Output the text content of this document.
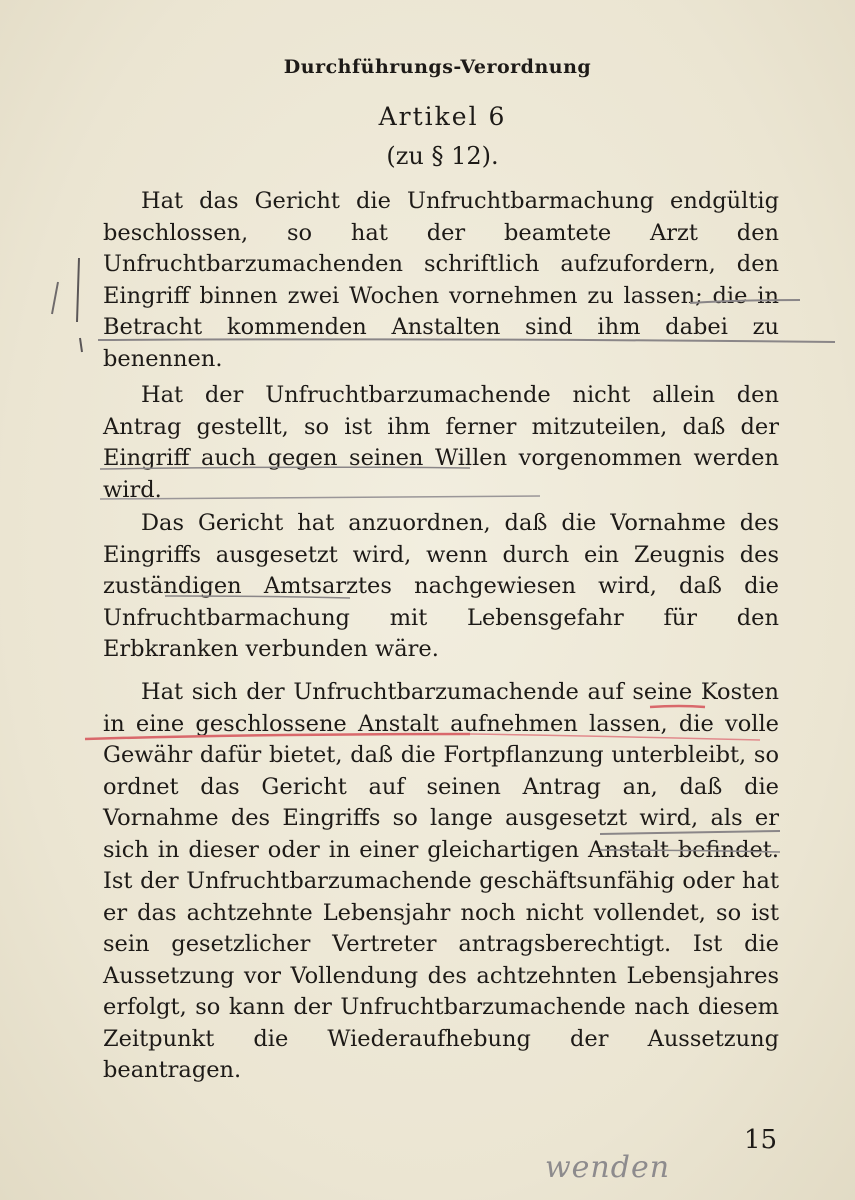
Durchführungs-Verordnung
Artikel 6
(zu § 12).

Hat das Gericht die Unfruchtbarmachung endgültig beschlossen, so hat der beamtete Arzt den Unfruchtbarzumachenden schriftlich aufzufordern, den Eingriff binnen zwei Wochen vornehmen zu lassen; die in Betracht kommenden Anstalten sind ihm dabei zu benennen.

Hat der Unfruchtbarzumachende nicht allein den Antrag gestellt, so ist ihm ferner mitzuteilen, daß der Eingriff auch gegen seinen Willen vorgenommen werden wird.

Das Gericht hat anzuordnen, daß die Vornahme des Eingriffs ausgesetzt wird, wenn durch ein Zeugnis des zuständigen Amtsarztes nachgewiesen wird, daß die Unfruchtbarmachung mit Lebensgefahr für den Erbkranken verbunden wäre.

Hat sich der Unfruchtbarzumachende auf seine Kosten in eine geschlossene Anstalt aufnehmen lassen, die volle Gewähr dafür bietet, daß die Fortpflanzung unterbleibt, so ordnet das Gericht auf seinen Antrag an, daß die Vornahme des Eingriffs so lange ausgesetzt wird, als er sich in dieser oder in einer gleichartigen Anstalt befindet. Ist der Unfruchtbarzumachende geschäftsunfähig oder hat er das achtzehnte Lebensjahr noch nicht vollendet, so ist sein gesetzlicher Vertreter antragsberechtigt. Ist die Aussetzung vor Vollendung des achtzehnten Lebensjahres erfolgt, so kann der Unfruchtbarzumachende nach diesem Zeitpunkt die Wiederaufhebung der Aussetzung beantragen.

15
wenden
